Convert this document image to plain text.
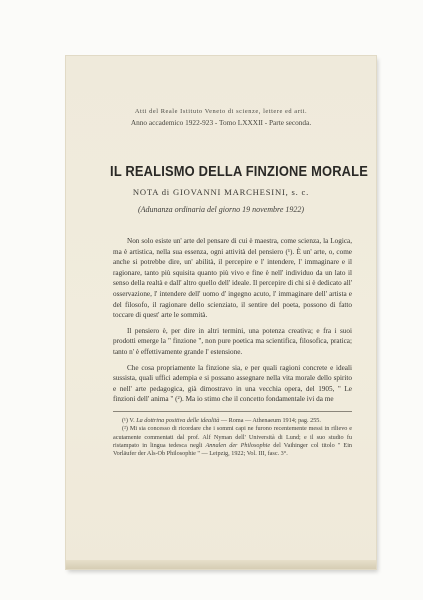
Atti del Reale Istituto Veneto di scienze, lettere ed arti.
Anno accademico 1922-923 - Tomo LXXXII - Parte seconda.
IL REALISMO DELLA FINZIONE MORALE
NOTA di GIOVANNI MARCHESINI, s. c.
(Adunanza ordinaria del giorno 19 novembre 1922)

Non solo esiste un' arte del pensare di cui è maestra, come scienza, la Logica, ma è artistica, nella sua essenza, ogni attività del pensiero (¹). È un' arte, o, come anche si potrebbe dire, un' abilità, il percepire e l' intendere, l' immaginare e il ragionare, tanto più squisita quanto più vivo e fine è nell' individuo da un lato il senso della realtà e dall' altro quello dell' ideale. Il percepire di chi si è dedicato all' osservazione, l' intendere dell' uomo d' ingegno acuto, l' immaginare dell' artista e del filosofo, il ragionare dello scienziato, il sentire del poeta, possono di fatto toccare di quest' arte le sommità.

Il pensiero è, per dire in altri termini, una potenza creativa; e fra i suoi prodotti emerge la " finzione ", non pure poetica ma scientifica, filosofica, pratica; tanto n' è effettivamente grande l' estensione.

Che cosa propriamente la finzione sia, e per quali ragioni concrete e ideali sussista, quali uffici adempia e si possano assegnare nella vita morale dello spirito e nell' arte pedagogica, già dimostravo in una vecchia opera, del 1905, " Le finzioni dell' anima " (²). Ma io stimo che il concetto fondamentale ivi da me

(¹) V. La dottrina positiva delle idealità — Roma — Athenaeum 1914; pag. 255.

(²) Mi sia concesso di ricordare che i sommi capi ne furono recentemente messi in rilievo e acutamente commentati dal prof. Alf Nyman dell' Università di Lund; e il suo studio fu ristampato in lingua tedesca negli Annalen der Philosophie del Vaihinger col titolo " Ein Vorläufer der Als-Ob Philosophie " — Leipzig, 1922; Vol. III, fasc. 3°.
